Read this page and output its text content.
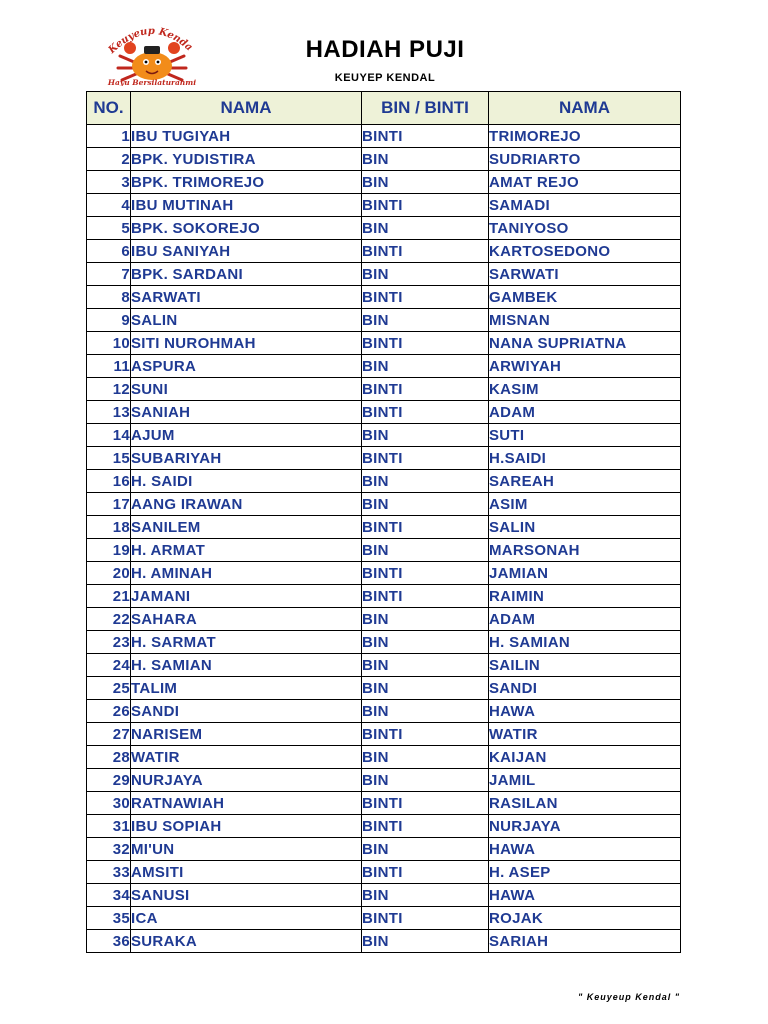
Keuyeup Kenda
Hayu Bersilaturahmi
HADIAH PUJI
KEUYEP KENDAL
NO.	NAMA	BIN / BINTI	NAMA
1	IBU TUGIYAH	BINTI	TRIMOREJO
2	BPK. YUDISTIRA	BIN	SUDRIARTO
3	BPK. TRIMOREJO	BIN	AMAT REJO
4	IBU MUTINAH	BINTI	SAMADI
5	BPK. SOKOREJO	BIN	TANIYOSO
6	IBU SANIYAH	BINTI	KARTOSEDONO
7	BPK. SARDANI	BIN	SARWATI
8	SARWATI	BINTI	GAMBEK
9	SALIN	BIN	MISNAN
10	SITI NUROHMAH	BINTI	NANA SUPRIATNA
11	ASPURA	BIN	ARWIYAH
12	SUNI	BINTI	KASIM
13	SANIAH	BINTI	ADAM
14	AJUM	BIN	SUTI
15	SUBARIYAH	BINTI	H.SAIDI
16	H. SAIDI	BIN	SAREAH
17	AANG IRAWAN	BIN	ASIM
18	SANILEM	BINTI	SALIN
19	H. ARMAT	BIN	MARSONAH
20	H. AMINAH	BINTI	JAMIAN
21	JAMANI	BINTI	RAIMIN
22	SAHARA	BIN	ADAM
23	H. SARMAT	BIN	H. SAMIAN
24	H. SAMIAN	BIN	SAILIN
25	TALIM	BIN	SANDI
26	SANDI	BIN	HAWA
27	NARISEM	BINTI	WATIR
28	WATIR	BIN	KAIJAN
29	NURJAYA	BIN	JAMIL
30	RATNAWIAH	BINTI	RASILAN
31	IBU SOPIAH	BINTI	NURJAYA
32	MI'UN	BIN	HAWA
33	AMSITI	BINTI	H. ASEP
34	SANUSI	BIN	HAWA
35	ICA	BINTI	ROJAK
36	SURAKA	BIN	SARIAH
" Keuyeup Kendal "
